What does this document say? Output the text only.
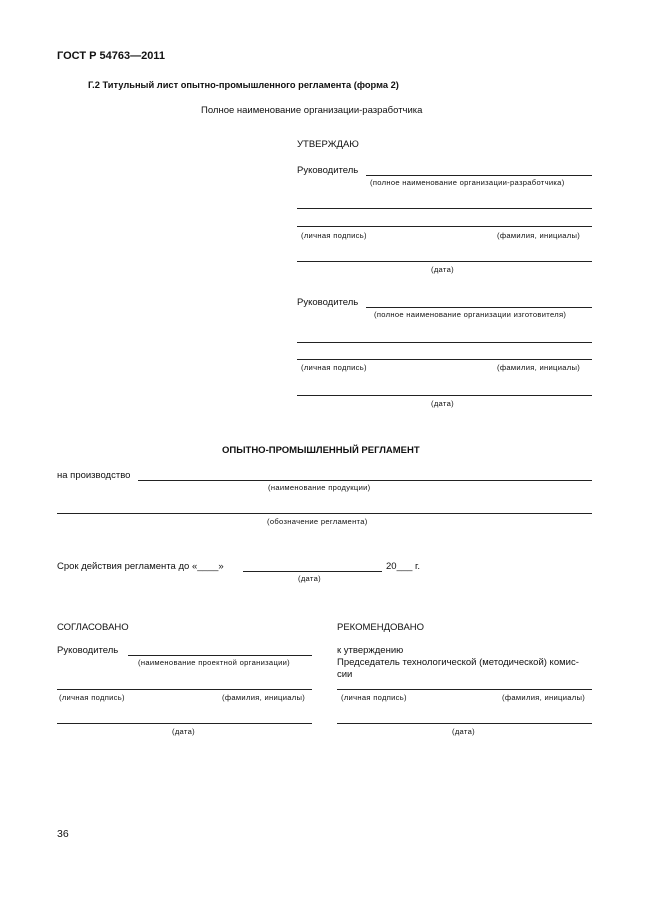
ГОСТ Р 54763—2011
Г.2 Титульный лист опытно-промышленного регламента (форма 2)
Полное наименование организации-разработчика
УТВЕРЖДАЮ
Руководитель
(полное наименование организации-разработчика)
(личная подпись)	(фамилия, инициалы)
(дата)
Руководитель
(полное наименование организации изготовителя)
(личная подпись)	(фамилия, инициалы)
(дата)
ОПЫТНО-ПРОМЫШЛЕННЫЙ РЕГЛАМЕНТ
на производство
(наименование продукции)
(обозначение регламента)
Срок действия регламента до «____»	20___ г.
(дата)
СОГЛАСОВАНО
Руководитель
(наименование проектной организации)
(личная подпись)	(фамилия, инициалы)
(дата)
РЕКОМЕНДОВАНО
к утверждению
Председатель технологической (методической) комис-
сии
(личная подпись)	(фамилия, инициалы)
(дата)
36
